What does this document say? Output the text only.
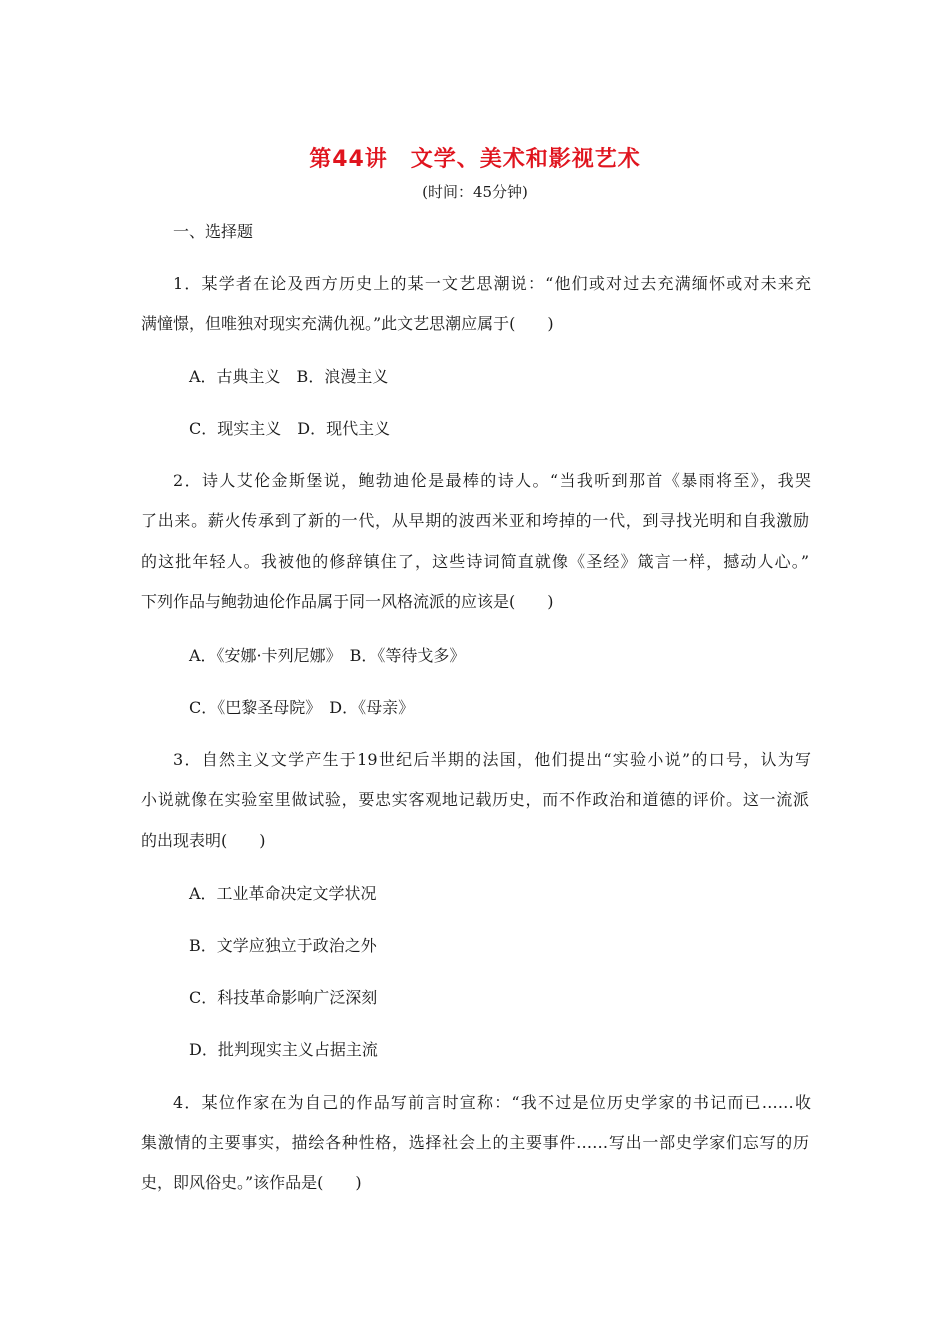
第44讲　文学、美术和影视艺术
(时间：45分钟)
一、选择题
1．某学者在论及西方历史上的某一文艺思潮说：“他们或对过去充满缅怀或对未来充
满憧憬，但唯独对现实充满仇视。”此文艺思潮应属于(　　)
A．古典主义　B．浪漫主义
C．现实主义　D．现代主义
2．诗人艾伦金斯堡说，鲍勃迪伦是最棒的诗人。“当我听到那首《暴雨将至》，我哭
了出来。薪火传承到了新的一代，从早期的波西米亚和垮掉的一代，到寻找光明和自我激励
的这批年轻人。我被他的修辞镇住了，这些诗词简直就像《圣经》箴言一样，撼动人心。”
下列作品与鲍勃迪伦作品属于同一风格流派的应该是(　　)
A．《安娜·卡列尼娜》　B．《等待戈多》
C．《巴黎圣母院》　D．《母亲》
3．自然主义文学产生于19世纪后半期的法国，他们提出“实验小说”的口号，认为写
小说就像在实验室里做试验，要忠实客观地记载历史，而不作政治和道德的评价。这一流派
的出现表明(　　)
A．工业革命决定文学状况
B．文学应独立于政治之外
C．科技革命影响广泛深刻
D．批判现实主义占据主流
4．某位作家在为自己的作品写前言时宣称：“我不过是位历史学家的书记而已……收
集激情的主要事实，描绘各种性格，选择社会上的主要事件……写出一部史学家们忘写的历
史，即风俗史。”该作品是(　　)
